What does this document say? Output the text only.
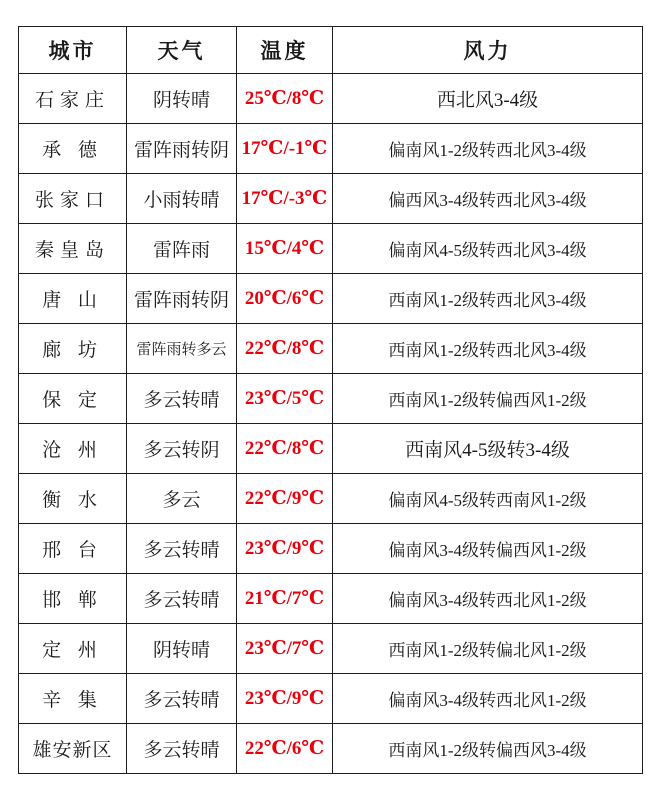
城市	天气	温度	风力
石家庄	阴转晴	25℃/8℃	西北风3-4级
承 德	雷阵雨转阴	17℃/-1℃	偏南风1-2级转西北风3-4级
张家口	小雨转晴	17℃/-3℃	偏西风3-4级转西北风3-4级
秦皇岛	雷阵雨	15℃/4℃	偏南风4-5级转西北风3-4级
唐 山	雷阵雨转阴	20℃/6℃	西南风1-2级转西北风3-4级
廊 坊	雷阵雨转多云	22℃/8℃	西南风1-2级转西北风3-4级
保 定	多云转晴	23℃/5℃	西南风1-2级转偏西风1-2级
沧 州	多云转阴	22℃/8℃	西南风4-5级转3-4级
衡 水	多云	22℃/9℃	偏南风4-5级转西南风1-2级
邢 台	多云转晴	23℃/9℃	偏南风3-4级转偏西风1-2级
邯 郸	多云转晴	21℃/7℃	偏南风3-4级转西北风1-2级
定 州	阴转晴	23℃/7℃	西南风1-2级转偏北风1-2级
辛 集	多云转晴	23℃/9℃	偏南风3-4级转西北风1-2级
雄安新区	多云转晴	22℃/6℃	西南风1-2级转偏西风3-4级
